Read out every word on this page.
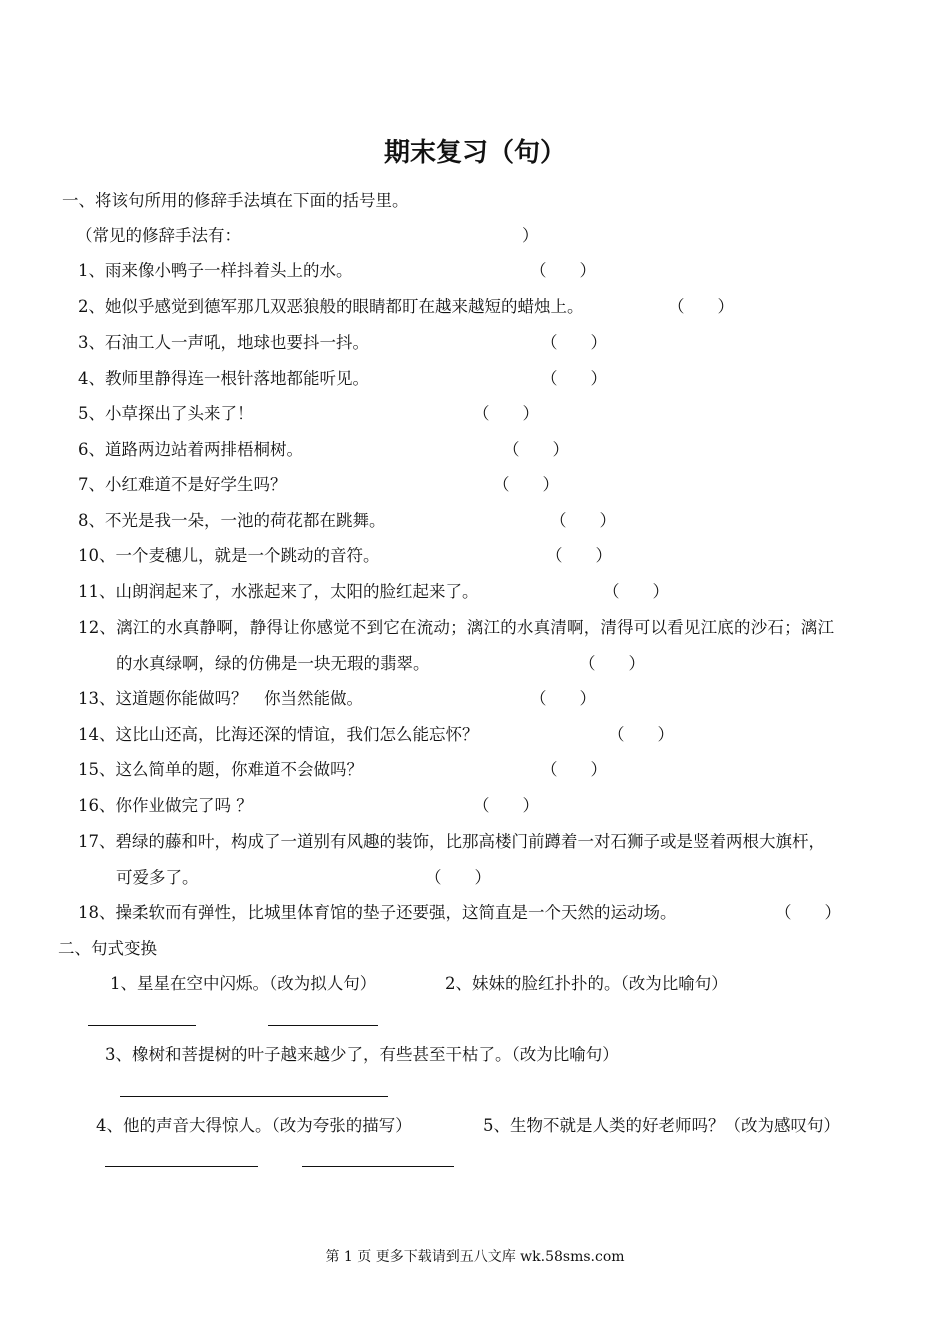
期末复习（句）
一、将该句所用的修辞手法填在下面的括号里。
（常见的修辞手法有：	）
1、雨来像小鸭子一样抖着头上的水。	（　　）
2、她似乎感觉到德军那几双恶狼般的眼睛都盯在越来越短的蜡烛上。	（　　）
3、石油工人一声吼，地球也要抖一抖。	（　　）
4、教师里静得连一根针落地都能听见。	（　　）
5、小草探出了头来了！	（　　）
6、道路两边站着两排梧桐树。	（　　）
7、小红难道不是好学生吗？	（　　）
8、不光是我一朵，一池的荷花都在跳舞。	（　　）
10、一个麦穗儿，就是一个跳动的音符。	（　　）
11、山朗润起来了，水涨起来了，太阳的脸红起来了。	（　　）
12、漓江的水真静啊，静得让你感觉不到它在流动；漓江的水真清啊，清得可以看见江底的沙石；漓江
的水真绿啊，绿的仿佛是一块无瑕的翡翠。	（　　）
13、这道题你能做吗？　你当然能做。	（　　）
14、这比山还高，比海还深的情谊，我们怎么能忘怀？	（　　）
15、这么简单的题，你难道不会做吗？	（　　）
16、你作业做完了吗 ？	（　　）
17、碧绿的藤和叶，构成了一道别有风趣的装饰，比那高楼门前蹲着一对石狮子或是竖着两根大旗杆，
可爱多了。	（　　）
18、操柔软而有弹性，比城里体育馆的垫子还要强，这简直是一个天然的运动场。	（　　）
二、句式变换
1、星星在空中闪烁。（改为拟人句）	2、妹妹的脸红扑扑的。（改为比喻句）
3、橡树和菩提树的叶子越来越少了，有些甚至干枯了。（改为比喻句）
4、他的声音大得惊人。（改为夸张的描写）	5、生物不就是人类的好老师吗？（改为感叹句）
第 1 页 更多下载请到五八文库 wk.58sms.com
